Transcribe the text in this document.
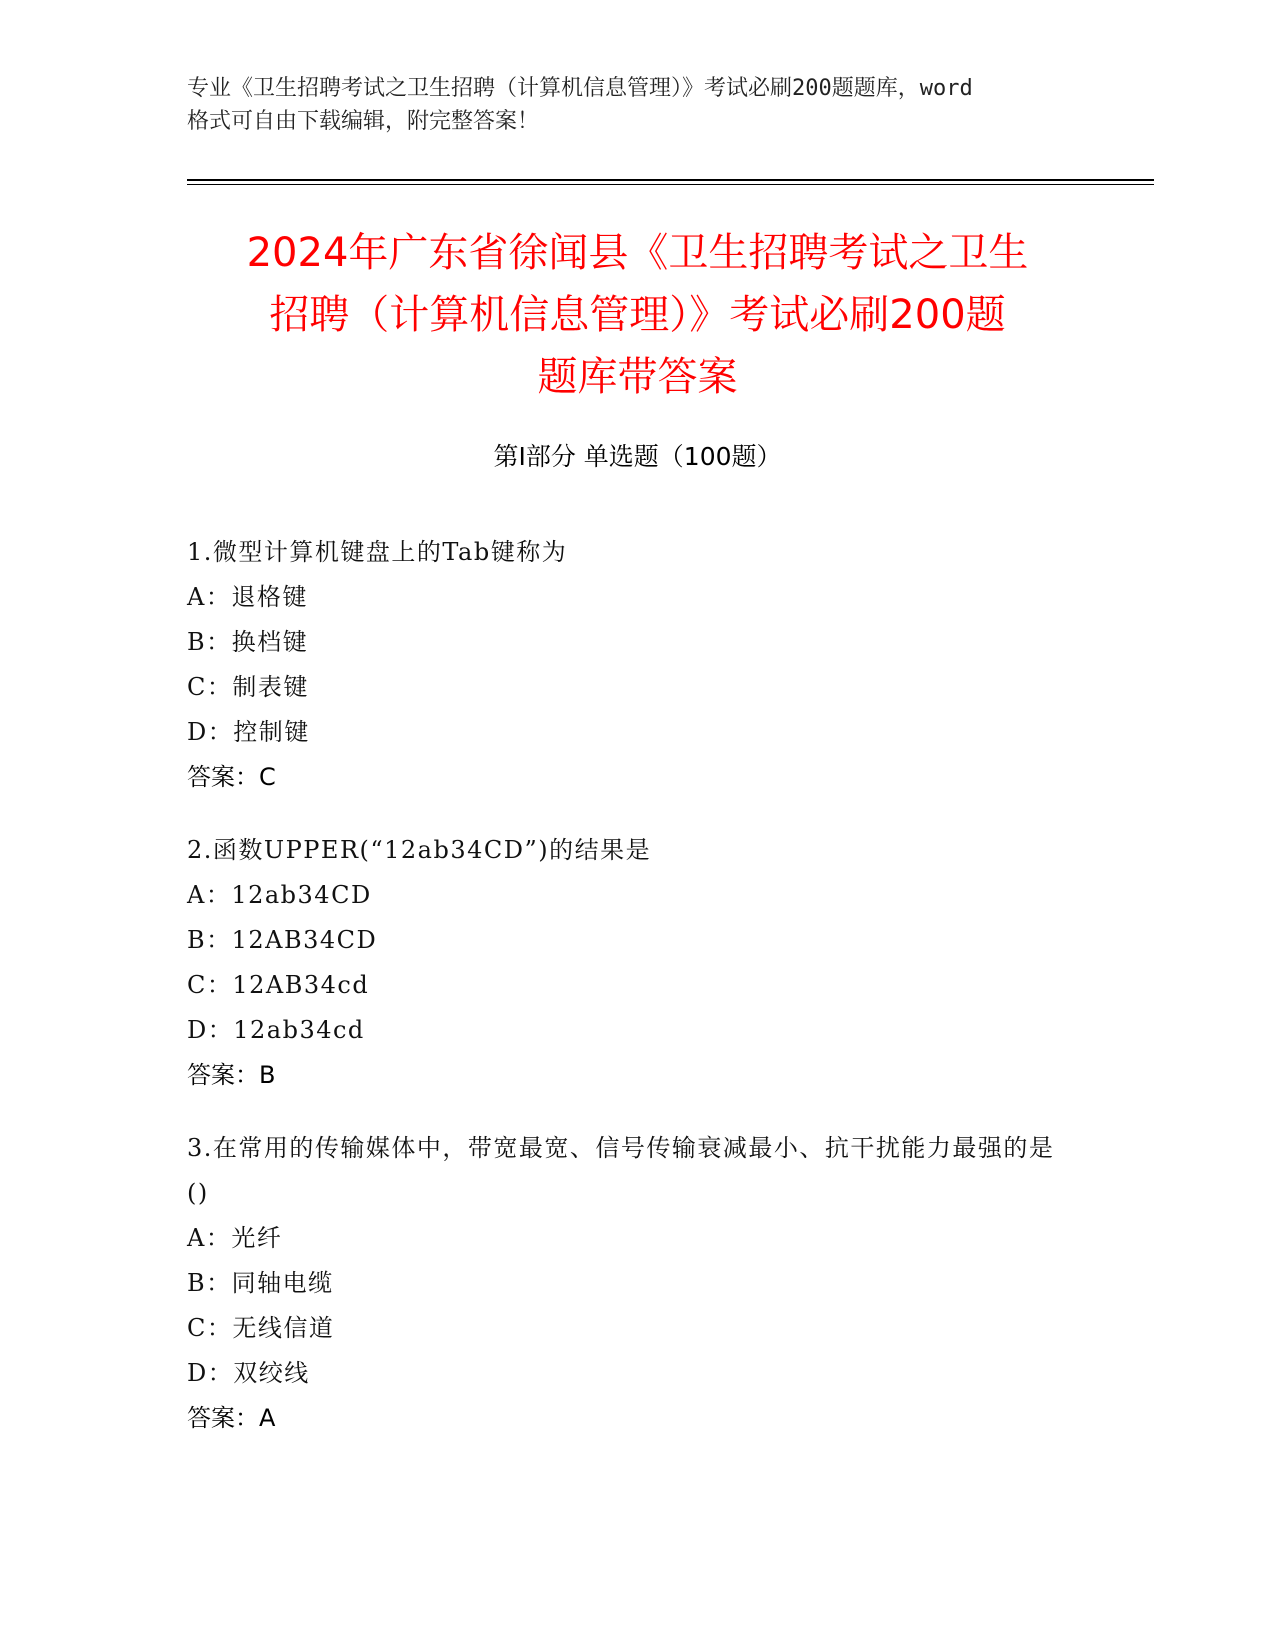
专业《卫生招聘考试之卫生招聘（计算机信息管理）》考试必刷200题题库，word
格式可自由下载编辑，附完整答案！
2024年广东省徐闻县《卫生招聘考试之卫生
招聘（计算机信息管理）》考试必刷200题
题库带答案
第Ⅰ部分 单选题（100题）
1.微型计算机键盘上的Tab键称为
A：退格键
B：换档键
C：制表键
D：控制键
答案：C
2.函数UPPER(“12ab34CD”)的结果是
A：12ab34CD
B：12AB34CD
C：12AB34cd
D：12ab34cd
答案：B
3.在常用的传输媒体中，带宽最宽、信号传输衰减最小、抗干扰能力最强的是()
A：光纤
B：同轴电缆
C：无线信道
D：双绞线
答案：A
